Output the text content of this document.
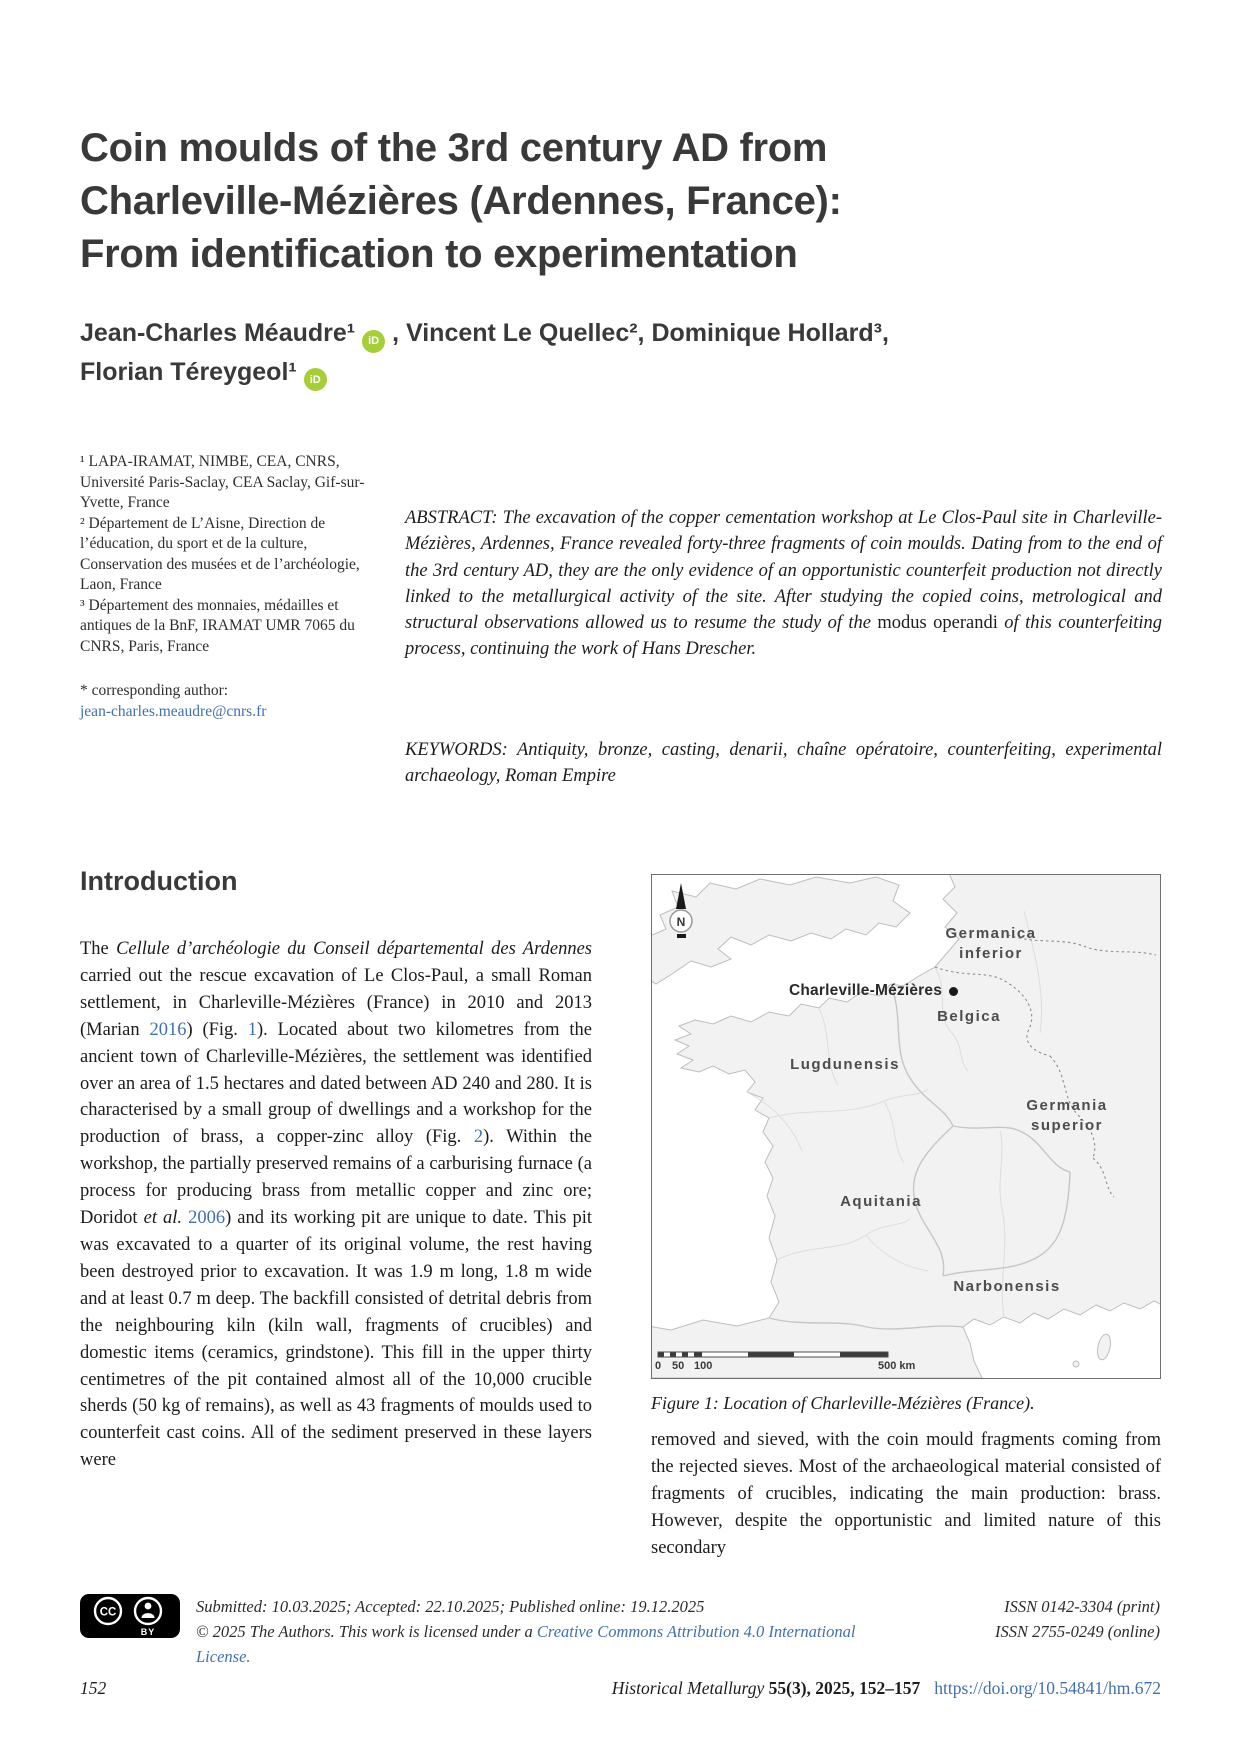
Coin moulds of the 3rd century AD from
Charleville-Mézières (Ardennes, France):
From identification to experimentation
Jean-Charles Méaudre¹ iD , Vincent Le Quellec², Dominique Hollard³,
Florian Téreygeol¹ iD

¹ LAPA-IRAMAT, NIMBE, CEA, CNRS, Université Paris-Saclay, CEA Saclay, Gif-sur-Yvette, France

² Département de L’Aisne, Direction de l’éducation, du sport et de la culture, Conservation des musées et de l’archéologie, Laon, France

³ Département des monnaies, médailles et antiques de la BnF, IRAMAT UMR 7065 du CNRS, Paris, France

* corresponding author:
jean-charles.meaudre@cnrs.fr
ABSTRACT: The excavation of the copper cementation workshop at Le Clos-Paul site in Charleville-Mézières, Ardennes, France revealed forty-three fragments of coin moulds. Dating from to the end of the 3rd century AD, they are the only evidence of an opportunistic counterfeit production not directly linked to the metallurgical activity of the site. After studying the copied coins, metrological and structural observations allowed us to resume the study of the modus operandi of this counterfeiting process, continuing the work of Hans Drescher.
KEYWORDS: Antiquity, bronze, casting, denarii, chaîne opératoire, counterfeiting, experimental archaeology, Roman Empire
Introduction
The Cellule d’archéologie du Conseil départemental des Ardennes carried out the rescue excavation of Le Clos-Paul, a small Roman settlement, in Charleville-Mézières (France) in 2010 and 2013 (Marian 2016) (Fig. 1). Located about two kilometres from the ancient town of Charleville-Mézières, the settlement was identified over an area of 1.5 hectares and dated between AD 240 and 280. It is characterised by a small group of dwellings and a workshop for the production of brass, a copper-zinc alloy (Fig. 2). Within the workshop, the partially preserved remains of a carburising furnace (a process for producing brass from metallic copper and zinc ore; Doridot et al. 2006) and its working pit are unique to date. This pit was excavated to a quarter of its original volume, the rest having been destroyed prior to excavation. It was 1.9 m long, 1.8 m wide and at least 0.7 m deep. The backfill consisted of detrital debris from the neighbouring kiln (kiln wall, fragments of crucibles) and domestic items (ceramics, grindstone). This fill in the upper thirty centimetres of the pit contained almost all of the 10,000 crucible sherds (50 kg of remains), as well as 43 fragments of moulds used to counterfeit cast coins. All of the sediment preserved in these layers were
N
Germanica
inferior
Belgica
Lugdunensis
Germania
superior
Aquitania
Narbonensis
Charleville-Mézières
0 50 100	500 km
Figure 1: Location of Charleville-Mézières (France).
removed and sieved, with the coin mould fragments coming from the rejected sieves. Most of the archaeological material consisted of fragments of crucibles, indicating the main production: brass. However, despite the opportunistic and limited nature of this secondary
CC
BY
Submitted: 10.03.2025; Accepted: 22.10.2025; Published online: 19.12.2025
© 2025 The Authors. This work is licensed under a Creative Commons Attribution 4.0 International License.
ISSN 0142-3304 (print)
ISSN 2755-0249 (online)
152	Historical Metallurgy 55(3), 2025, 152–157 https://doi.org/10.54841/hm.672
